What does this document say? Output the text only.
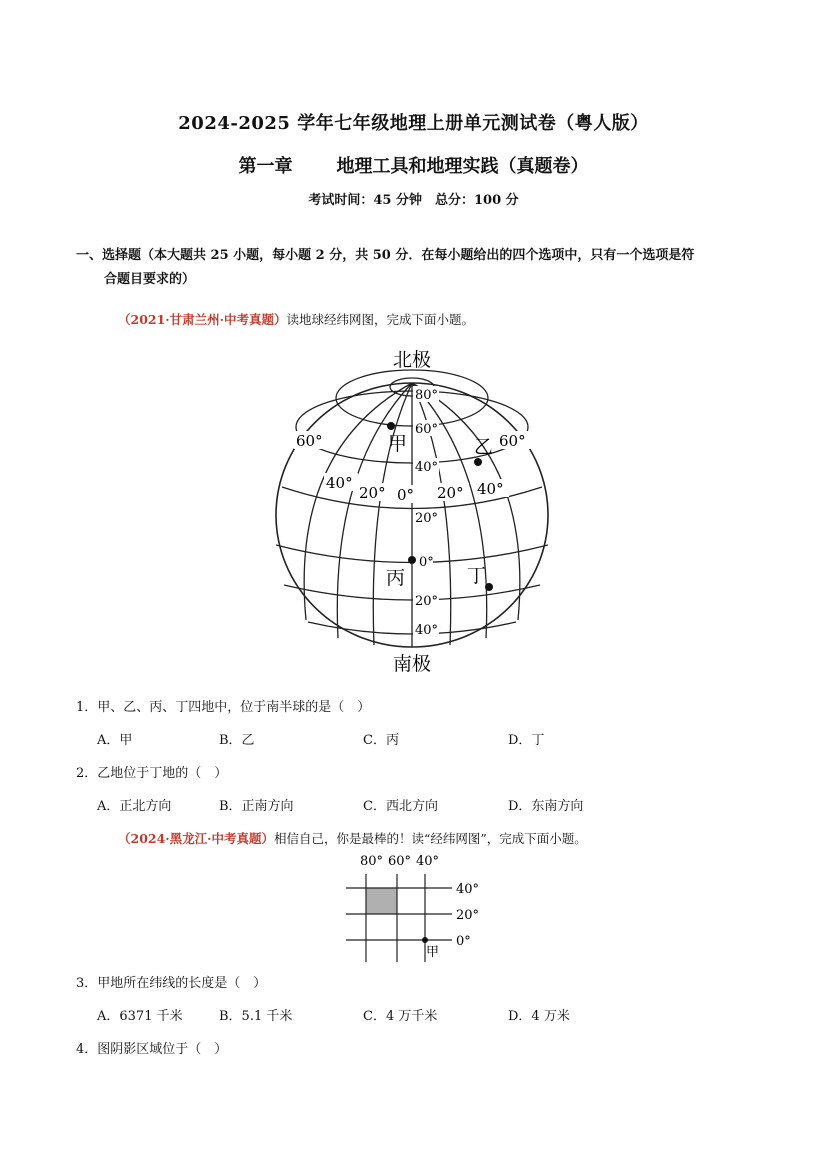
2024-2025 学年七年级地理上册单元测试卷（粤人版）
第一章 地理工具和地理实践（真题卷）
考试时间：45 分钟　总分：100 分
一、选择题（本大题共 25 小题，每小题 2 分，共 50 分．在每小题给出的四个选项中，只有一个选项是符
合题目要求的）
（2021·甘肃兰州·中考真题）读地球经纬网图，完成下面小题。
北极
南极
80°
60°
40°
20°
0°
20°
40°
60°
40°
20° 0° 20° 40°
60°
甲	乙
丙	丁
1．甲、乙、丙、丁四地中，位于南半球的是（　）
A．甲	B．乙	C．丙	D．丁
2．乙地位于丁地的（　）
A．正北方向	B．正南方向	C．西北方向	D．东南方向
（2024·黑龙江·中考真题）相信自己，你是最棒的！读“经纬网图”，完成下面小题。
80° 60° 40°
40°
20°
0°
甲
3．甲地所在纬线的长度是（　）
A．6371 千米	B．5.1 千米	C．4 万千米	D．4 万米
4．图阴影区域位于（　）
